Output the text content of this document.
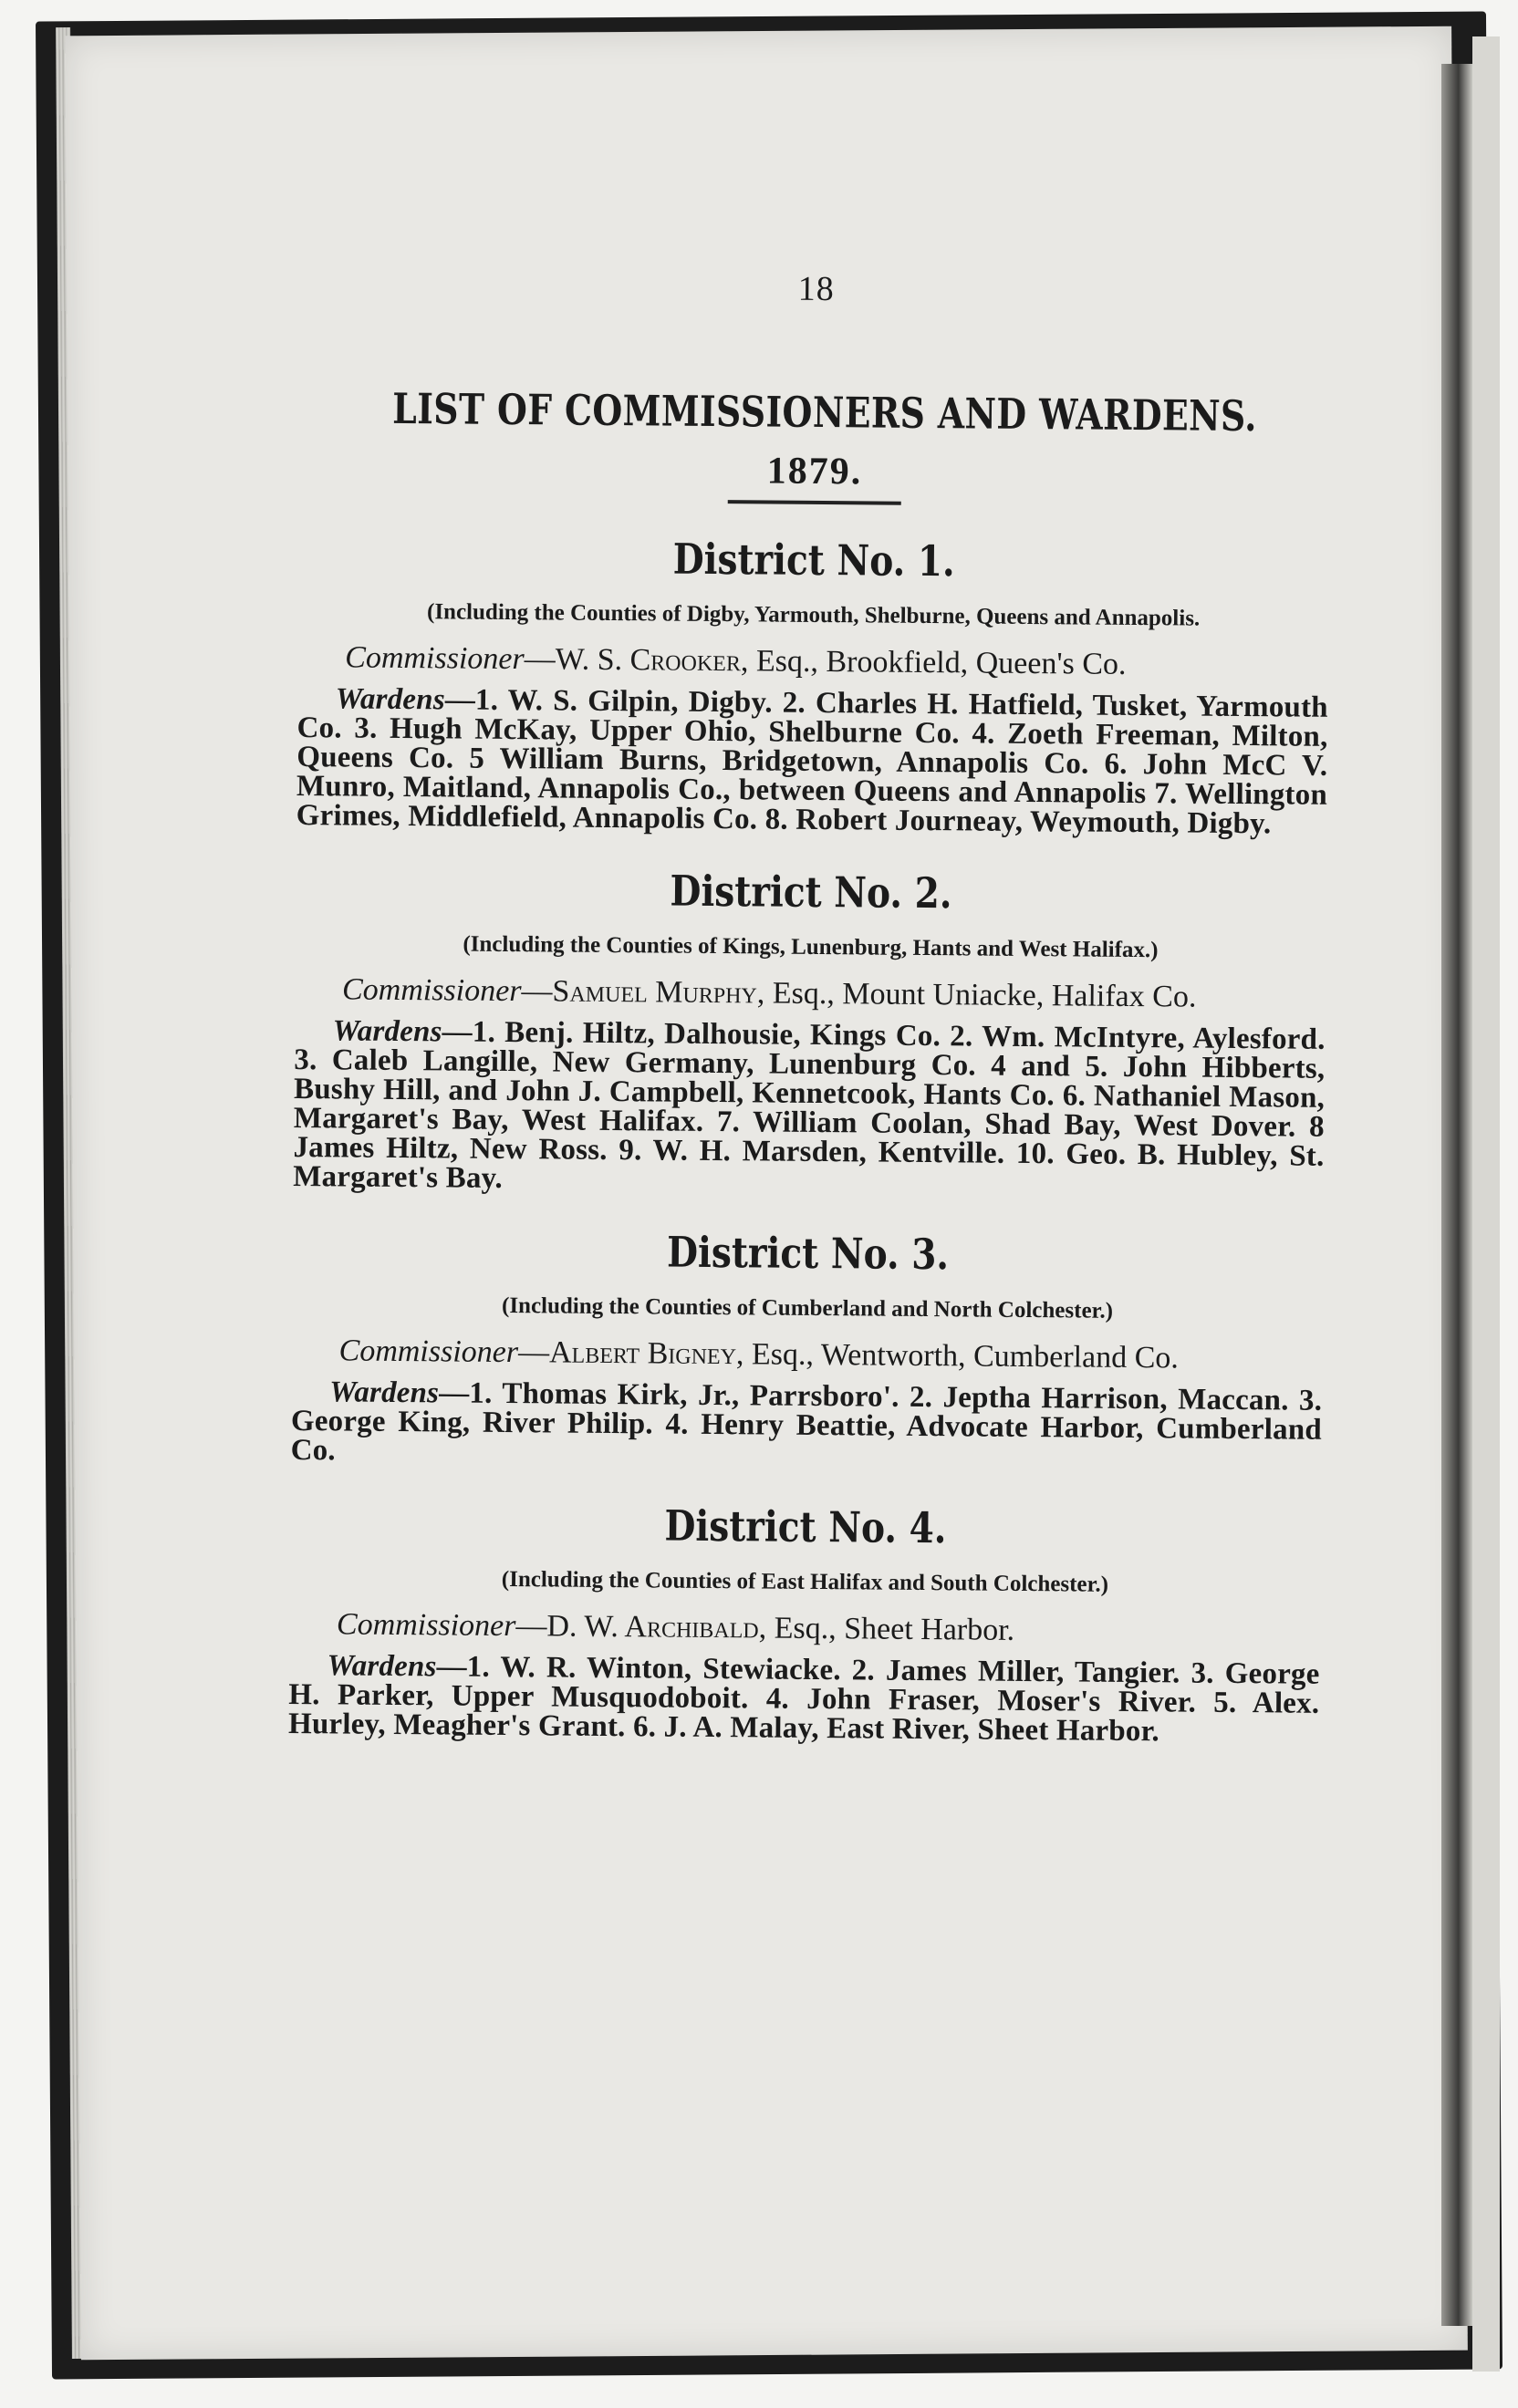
18
LIST OF COMMISSIONERS AND WARDENS.
1879.
District No. 1.
(Including the Counties of Digby, Yarmouth, Shelburne, Queens and Annapolis.
Commissioner—W. S. Crooker, Esq., Brookfield, Queen's Co.
Wardens—1. W. S. Gilpin, Digby. 2. Charles H. Hatfield, Tusket, Yarmouth Co. 3. Hugh McKay, Upper Ohio, Shelburne Co. 4. Zoeth Freeman, Milton, Queens Co. 5 William Burns, Bridgetown, Annapolis Co. 6. John McC V. Munro, Maitland, Annapolis Co., between Queens and Annapolis 7. Wellington Grimes, Middlefield, Annapolis Co. 8. Robert Journeay, Weymouth, Digby.
District No. 2.
(Including the Counties of Kings, Lunenburg, Hants and West Halifax.)
Commissioner—Samuel Murphy, Esq., Mount Uniacke, Halifax Co.
Wardens—1. Benj. Hiltz, Dalhousie, Kings Co. 2. Wm. McIntyre, Aylesford. 3. Caleb Langille, New Germany, Lunenburg Co. 4 and 5. John Hibberts, Bushy Hill, and John J. Campbell, Kennetcook, Hants Co. 6. Nathaniel Mason, Margaret's Bay, West Halifax. 7. William Coolan, Shad Bay, West Dover. 8 James Hiltz, New Ross. 9. W. H. Marsden, Kentville. 10. Geo. B. Hubley, St. Margaret's Bay.
District No. 3.
(Including the Counties of Cumberland and North Colchester.)
Commissioner—Albert Bigney, Esq., Wentworth, Cumberland Co.
Wardens—1. Thomas Kirk, Jr., Parrsboro'. 2. Jeptha Harrison, Maccan. 3. George King, River Philip. 4. Henry Beattie, Advocate Harbor, Cumberland Co.
District No. 4.
(Including the Counties of East Halifax and South Colchester.)
Commissioner—D. W. Archibald, Esq., Sheet Harbor.
Wardens—1. W. R. Winton, Stewiacke. 2. James Miller, Tangier. 3. George H. Parker, Upper Musquodoboit. 4. John Fraser, Moser's River. 5. Alex. Hurley, Meagher's Grant. 6. J. A. Malay, East River, Sheet Harbor.
